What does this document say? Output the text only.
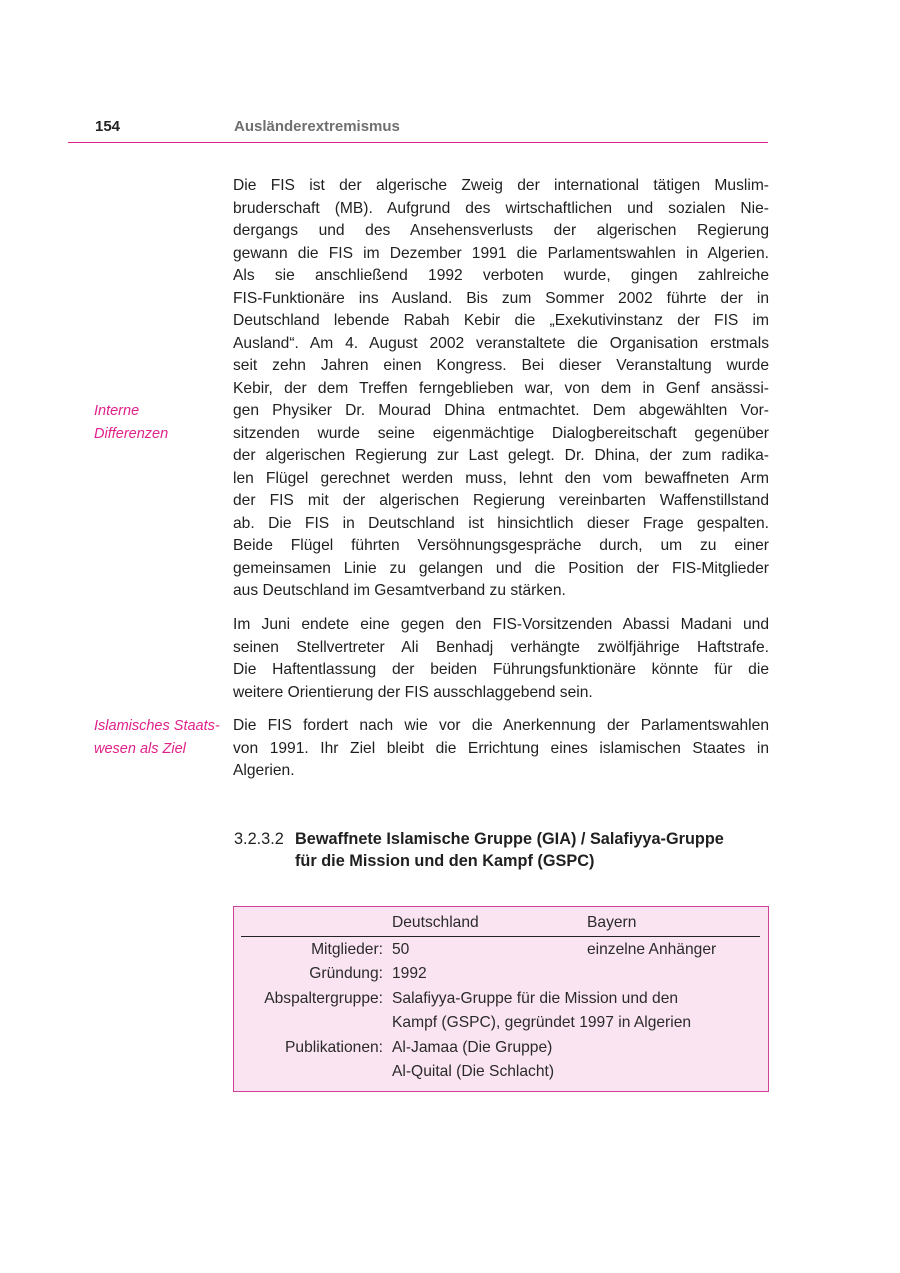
154	Ausländerextremismus
Die FIS ist der algerische Zweig der international tätigen Muslim-
bruderschaft (MB). Aufgrund des wirtschaftlichen und sozialen Nie-
dergangs und des Ansehensverlusts der algerischen Regierung
gewann die FIS im Dezember 1991 die Parlamentswahlen in Algerien.
Als sie anschließend 1992 verboten wurde, gingen zahlreiche
FIS-Funktionäre ins Ausland. Bis zum Sommer 2002 führte der in
Deutschland lebende Rabah Kebir die „Exekutivinstanz der FIS im
Ausland“. Am 4. August 2002 veranstaltete die Organisation erstmals
seit zehn Jahren einen Kongress. Bei dieser Veranstaltung wurde
Kebir, der dem Treffen ferngeblieben war, von dem in Genf ansässi-
gen Physiker Dr. Mourad Dhina entmachtet. Dem abgewählten Vor-
sitzenden wurde seine eigenmächtige Dialogbereitschaft gegenüber
der algerischen Regierung zur Last gelegt. Dr. Dhina, der zum radika-
len Flügel gerechnet werden muss, lehnt den vom bewaffneten Arm
der FIS mit der algerischen Regierung vereinbarten Waffenstillstand
ab. Die FIS in Deutschland ist hinsichtlich dieser Frage gespalten.
Beide Flügel führten Versöhnungsgespräche durch, um zu einer
gemeinsamen Linie zu gelangen und die Position der FIS-Mitglieder
aus Deutschland im Gesamtverband zu stärken.
Interne
Differenzen
Im Juni endete eine gegen den FIS-Vorsitzenden Abassi Madani und
seinen Stellvertreter Ali Benhadj verhängte zwölfjährige Haftstrafe.
Die Haftentlassung der beiden Führungsfunktionäre könnte für die
weitere Orientierung der FIS ausschlaggebend sein.
Die FIS fordert nach wie vor die Anerkennung der Parlamentswahlen
von 1991. Ihr Ziel bleibt die Errichtung eines islamischen Staates in
Algerien.
Islamisches Staats-
wesen als Ziel
3.2.3.2 Bewaffnete Islamische Gruppe (GIA) / Salafiyya-Gruppe
für die Mission und den Kampf (GSPC)
Deutschland	Bayern
Mitglieder: 50	einzelne Anhänger
Gründung: 1992
Abspaltergruppe: Salafiyya-Gruppe für die Mission und den
Kampf (GSPC), gegründet 1997 in Algerien
Publikationen: Al-Jamaa (Die Gruppe)
Al-Quital (Die Schlacht)
